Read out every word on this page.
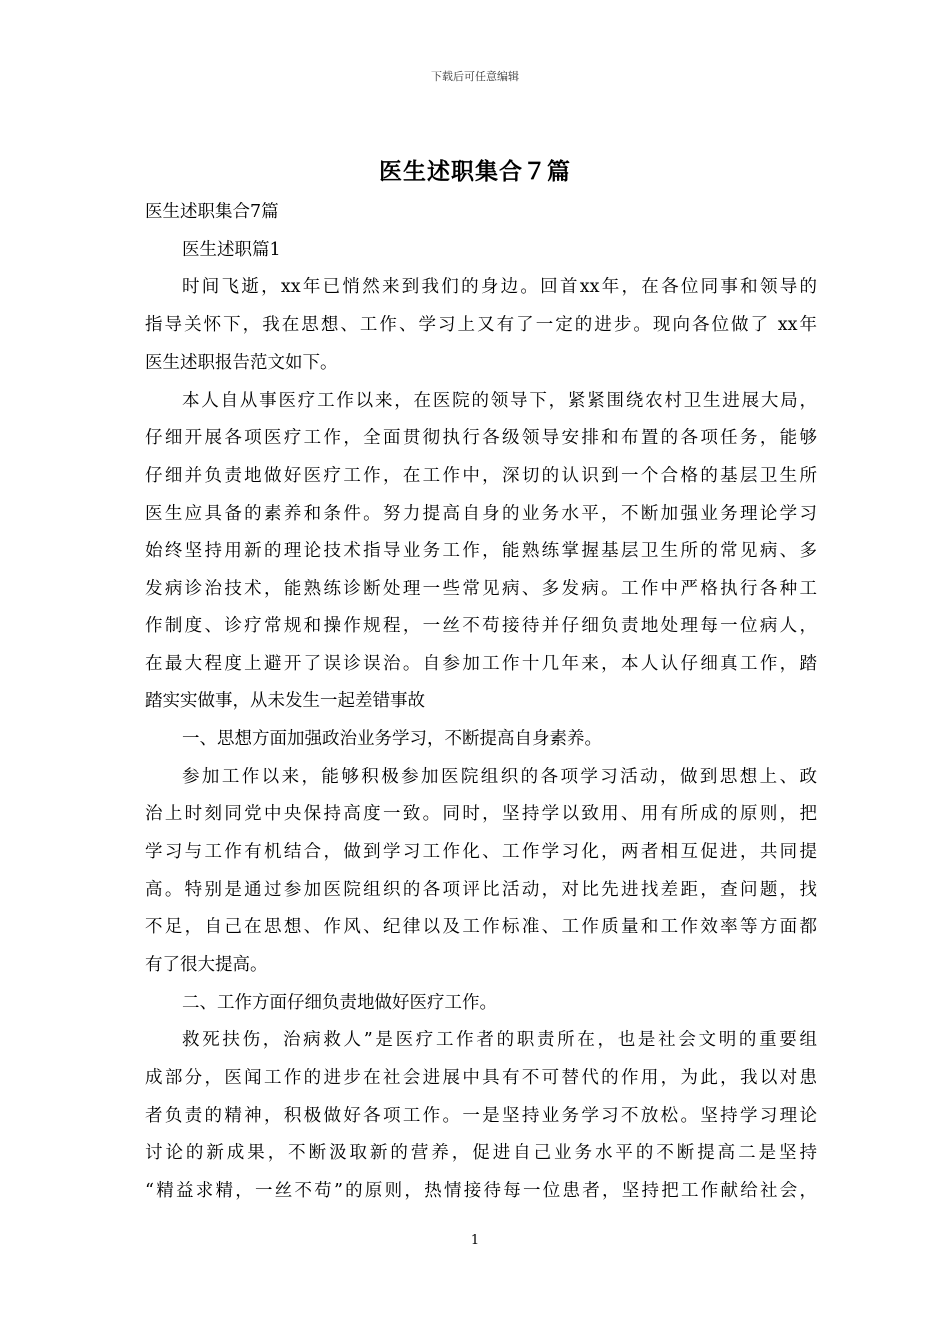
下载后可任意编辑
医生述职集合７篇
医生述职集合7篇
医生述职篇1
时间飞逝，xx年已悄然来到我们的身边。回首xx年，在各位同事和领导的
指导关怀下，我在思想、工作、学习上又有了一定的进步。现向各位做了 xx年
医生述职报告范文如下。
本人自从事医疗工作以来，在医院的领导下，紧紧围绕农村卫生进展大局，
仔细开展各项医疗工作，全面贯彻执行各级领导安排和布置的各项任务，能够
仔细并负责地做好医疗工作，在工作中，深切的认识到一个合格的基层卫生所
医生应具备的素养和条件。努力提高自身的业务水平，不断加强业务理论学习
始终坚持用新的理论技术指导业务工作，能熟练掌握基层卫生所的常见病、多
发病诊治技术，能熟练诊断处理一些常见病、多发病。工作中严格执行各种工
作制度、诊疗常规和操作规程，一丝不苟接待并仔细负责地处理每一位病人，
在最大程度上避开了误诊误治。自参加工作十几年来，本人认仔细真工作，踏
踏实实做事，从未发生一起差错事故
一、思想方面加强政治业务学习，不断提高自身素养。
参加工作以来，能够积极参加医院组织的各项学习活动，做到思想上、政
治上时刻同党中央保持高度一致。同时，坚持学以致用、用有所成的原则，把
学习与工作有机结合，做到学习工作化、工作学习化，两者相互促进，共同提
高。特别是通过参加医院组织的各项评比活动，对比先进找差距，查问题，找
不足，自己在思想、作风、纪律以及工作标准、工作质量和工作效率等方面都
有了很大提高。
二、工作方面仔细负责地做好医疗工作。
救死扶伤，治病救人”是医疗工作者的职责所在，也是社会文明的重要组
成部分，医闻工作的进步在社会进展中具有不可替代的作用，为此，我以对患
者负责的精神，积极做好各项工作。一是坚持业务学习不放松。坚持学习理论
讨论的新成果，不断汲取新的营养，促进自己业务水平的不断提高二是坚持
“精益求精，一丝不苟”的原则，热情接待每一位患者，坚持把工作献给社会，
1
